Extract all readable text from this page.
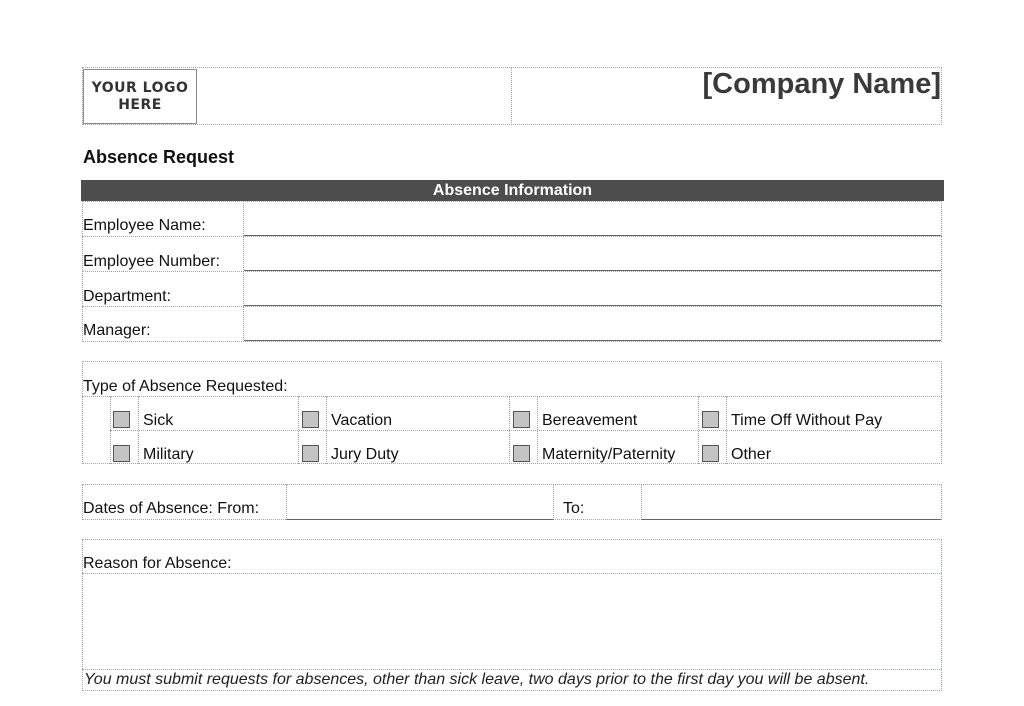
YOUR LOGO
HERE
[Company Name]
Absence Request
Absence Information
Employee Name:
Employee Number:
Department:
Manager:
Type of Absence Requested:
Sick	Vacation	Bereavement	Time Off Without Pay
Military	Jury Duty	Maternity/Paternity	Other
Dates of Absence: From:	To:
Reason for Absence:
You must submit requests for absences, other than sick leave, two days prior to the first day you will be absent.
